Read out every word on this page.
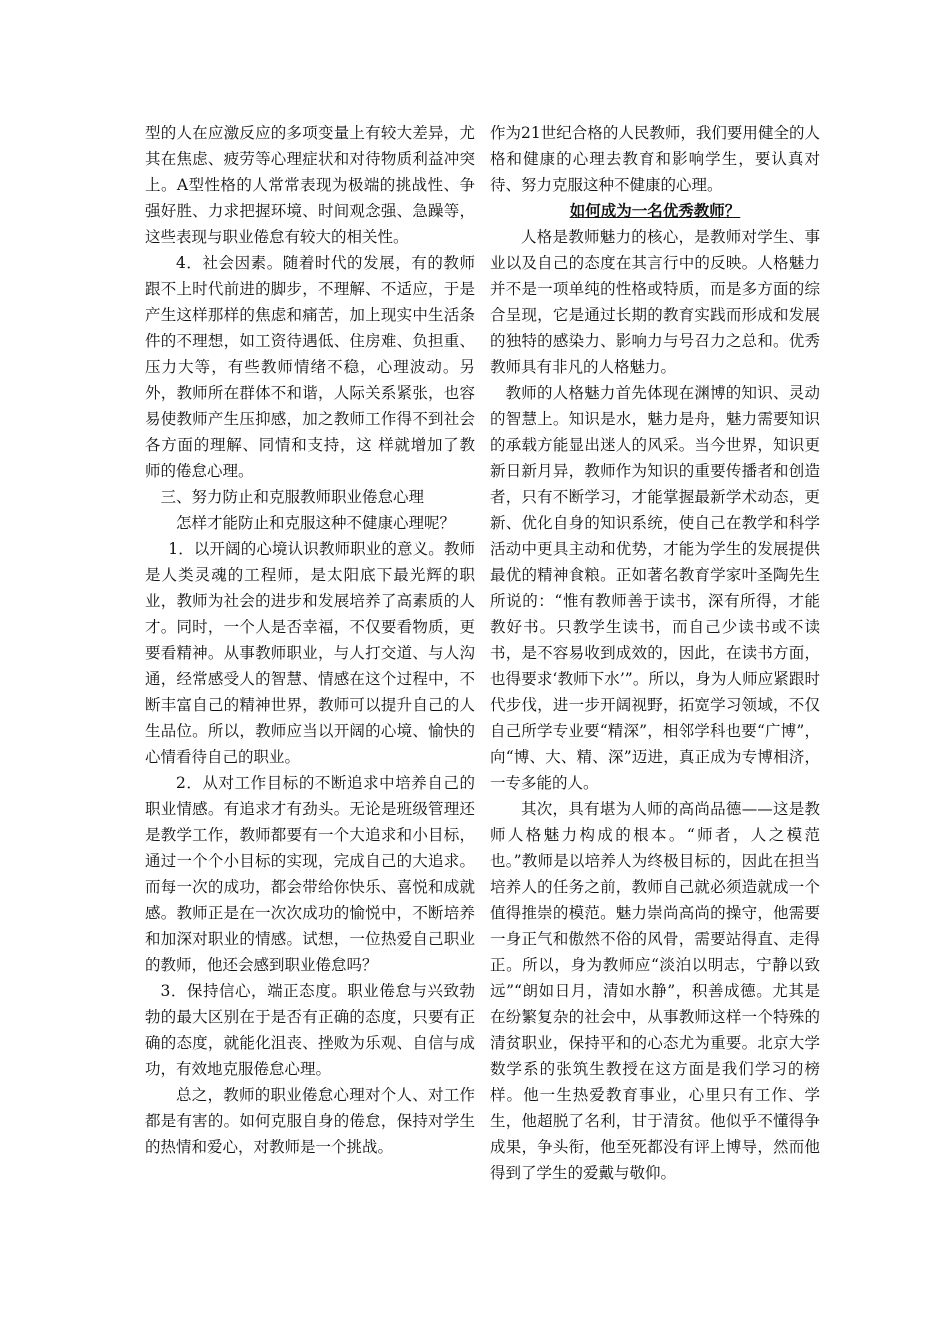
型的人在应激反应的多项变量上有较大差异，尤其在焦虑、疲劳等心理症状和对待物质利益冲突上。A型性格的人常常表现为极端的挑战性、争强好胜、力求把握环境、时间观念强、急躁等，这些表现与职业倦怠有较大的相关性。

4．社会因素。随着时代的发展，有的教师跟不上时代前进的脚步，不理解、不适应，于是产生这样那样的焦虑和痛苦，加上现实中生活条件的不理想，如工资待遇低、住房难、负担重、压力大等，有些教师情绪不稳，心理波动。另外，教师所在群体不和谐，人际关系紧张，也容易使教师产生压抑感，加之教师工作得不到社会各方面的理解、同情和支持，这 样就增加了教师的倦怠心理。

三、努力防止和克服教师职业倦怠心理

怎样才能防止和克服这种不健康心理呢？

1．以开阔的心境认识教师职业的意义。教师是人类灵魂的工程师，是太阳底下最光辉的职业，教师为社会的进步和发展培养了高素质的人才。同时，一个人是否幸福，不仅要看物质，更要看精神。从事教师职业，与人打交道、与人沟通，经常感受人的智慧、情感在这个过程中，不断丰富自己的精神世界，教师可以提升自己的人生品位。所以，教师应当以开阔的心境、愉快的心情看待自己的职业。

2．从对工作目标的不断追求中培养自己的职业情感。有追求才有劲头。无论是班级管理还是教学工作，教师都要有一个大追求和小目标，通过一个个小目标的实现，完成自己的大追求。而每一次的成功，都会带给你快乐、喜悦和成就感。教师正是在一次次成功的愉悦中，不断培养和加深对职业的情感。试想，一位热爱自己职业的教师，他还会感到职业倦怠吗？

3．保持信心，端正态度。职业倦怠与兴致勃勃的最大区别在于是否有正确的态度，只要有正确的态度，就能化沮丧、挫败为乐观、自信与成功，有效地克服倦怠心理。

总之，教师的职业倦怠心理对个人、对工作都是有害的。如何克服自身的倦怠，保持对学生的热情和爱心，对教师是一个挑战。

作为21世纪合格的人民教师，我们要用健全的人格和健康的心理去教育和影响学生，要认真对待、努力克服这种不健康的心理。

如何成为一名优秀教师？

人格是教师魅力的核心，是教师对学生、事业以及自己的态度在其言行中的反映。人格魅力并不是一项单纯的性格或特质，而是多方面的综合呈现，它是通过长期的教育实践而形成和发展的独特的感染力、影响力与号召力之总和。优秀教师具有非凡的人格魅力。

教师的人格魅力首先体现在渊博的知识、灵动的智慧上。知识是水，魅力是舟，魅力需要知识的承载方能显出迷人的风采。当今世界，知识更新日新月异，教师作为知识的重要传播者和创造者，只有不断学习，才能掌握最新学术动态，更新、优化自身的知识系统，使自己在教学和科学活动中更具主动和优势，才能为学生的发展提供最优的精神食粮。正如著名教育学家叶圣陶先生所说的：“惟有教师善于读书，深有所得，才能教好书。只教学生读书，而自己少读书或不读书，是不容易收到成效的，因此，在读书方面，也得要求‘教师下水’”。所以，身为人师应紧跟时代步伐，进一步开阔视野，拓宽学习领域，不仅自己所学专业要“精深”，相邻学科也要“广博”，向“博、大、精、深”迈进，真正成为专博相济，一专多能的人。

其次，具有堪为人师的高尚品德——这是教师人格魅力构成的根本。“师者，人之模范也。”教师是以培养人为终极目标的，因此在担当培养人的任务之前，教师自己就必须造就成一个值得推崇的模范。魅力崇尚高尚的操守，他需要一身正气和傲然不俗的风骨，需要站得直、走得正。所以，身为教师应“淡泊以明志，宁静以致远”“朗如日月，清如水静”，积善成德。尤其是在纷繁复杂的社会中，从事教师这样一个特殊的清贫职业，保持平和的心态尤为重要。北京大学数学系的张筑生教授在这方面是我们学习的榜样。他一生热爱教育事业，心里只有工作、学生，他超脱了名利，甘于清贫。他似乎不懂得争成果，争头衔，他至死都没有评上博导，然而他得到了学生的爱戴与敬仰。
